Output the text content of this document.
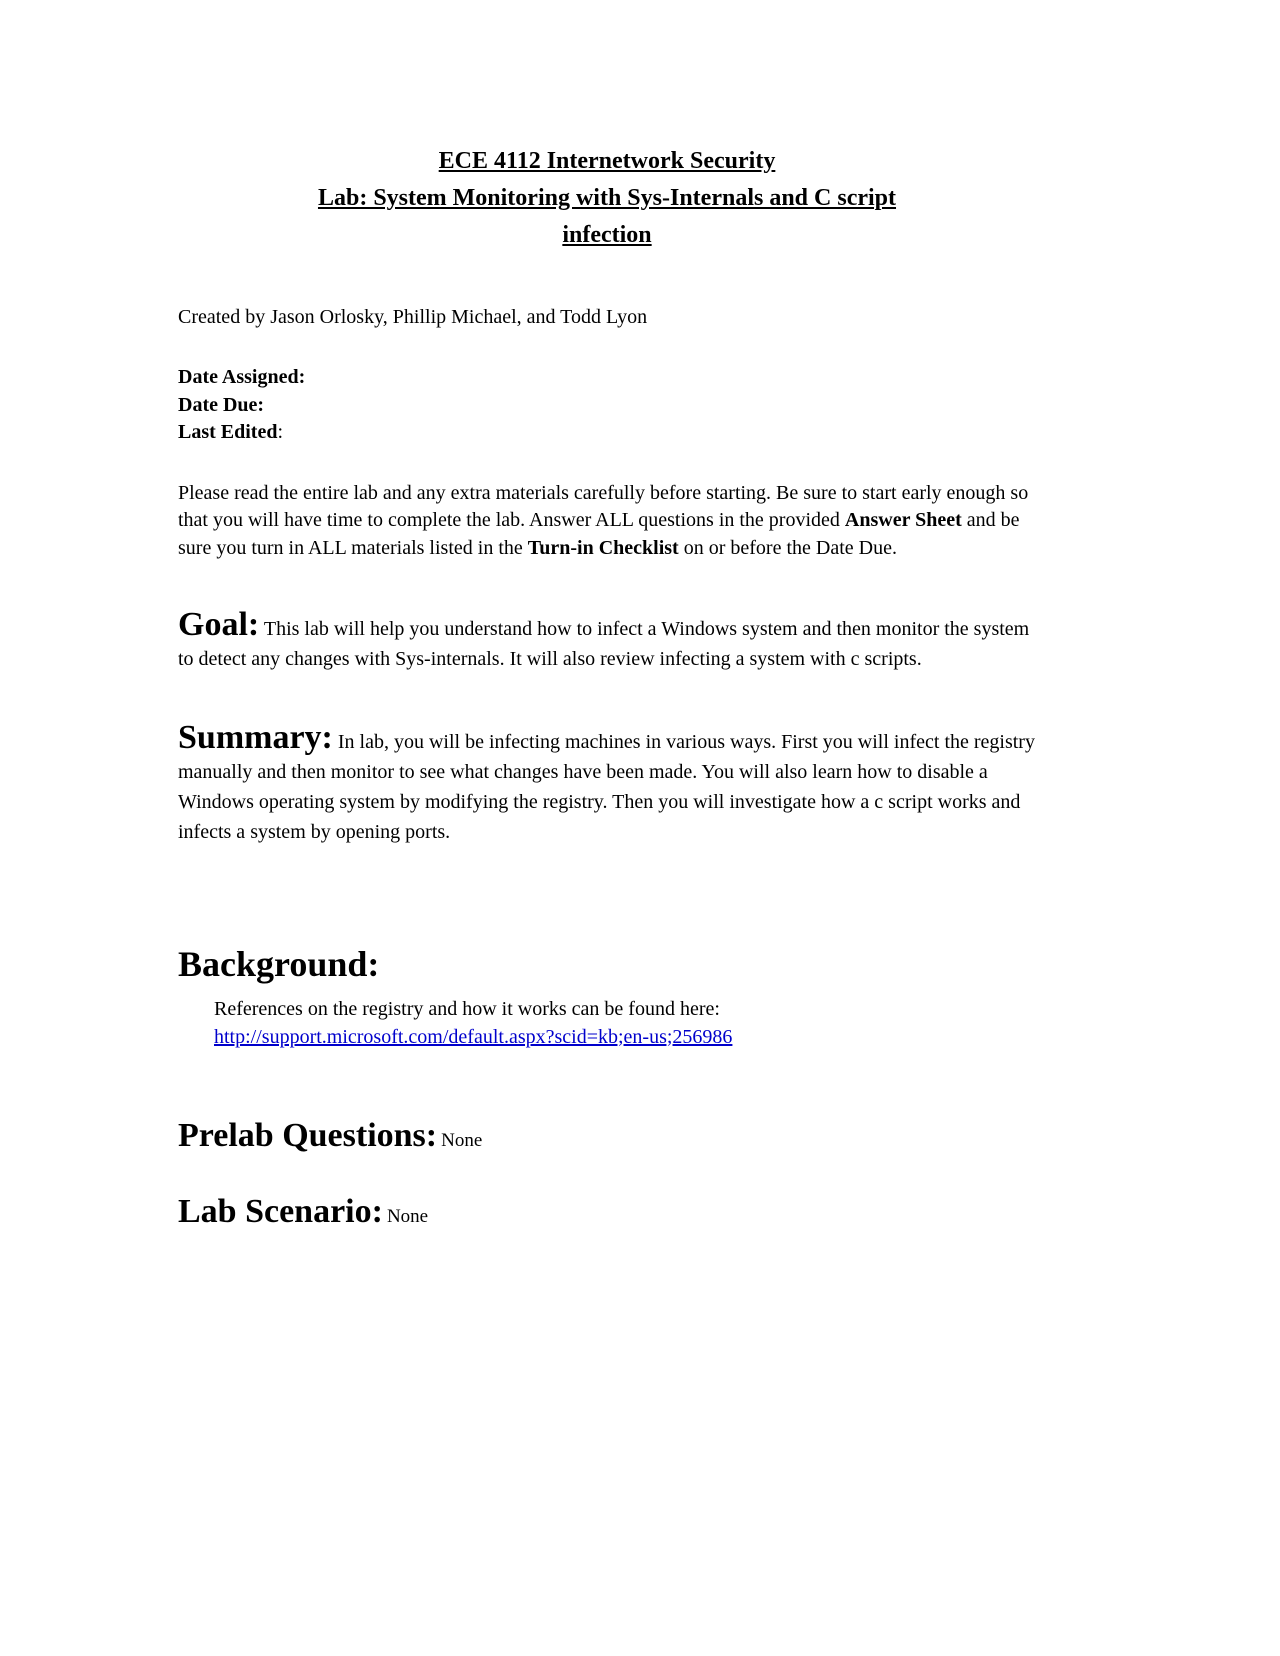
ECE 4112 Internetwork Security
Lab: System Monitoring with Sys-Internals and C script
infection
Created by Jason Orlosky, Phillip Michael, and Todd Lyon
Date Assigned:
Date Due:
Last Edited:

Please read the entire lab and any extra materials carefully before starting. Be sure to start early enough so that you will have time to complete the lab. Answer ALL questions in the provided Answer Sheet and be sure you turn in ALL materials listed in the Turn-in Checklist on or before the Date Due.

Goal: This lab will help you understand how to infect a Windows system and then monitor the system to detect any changes with Sys-internals. It will also review infecting a system with c scripts.

Summary: In lab, you will be infecting machines in various ways. First you will infect the registry manually and then monitor to see what changes have been made. You will also learn how to disable a Windows operating system by modifying the registry. Then you will investigate how a c script works and infects a system by opening ports.

Background:
References on the registry and how it works can be found here:
http://support.microsoft.com/default.aspx?scid=kb;en-us;256986

Prelab Questions: None

Lab Scenario: None
